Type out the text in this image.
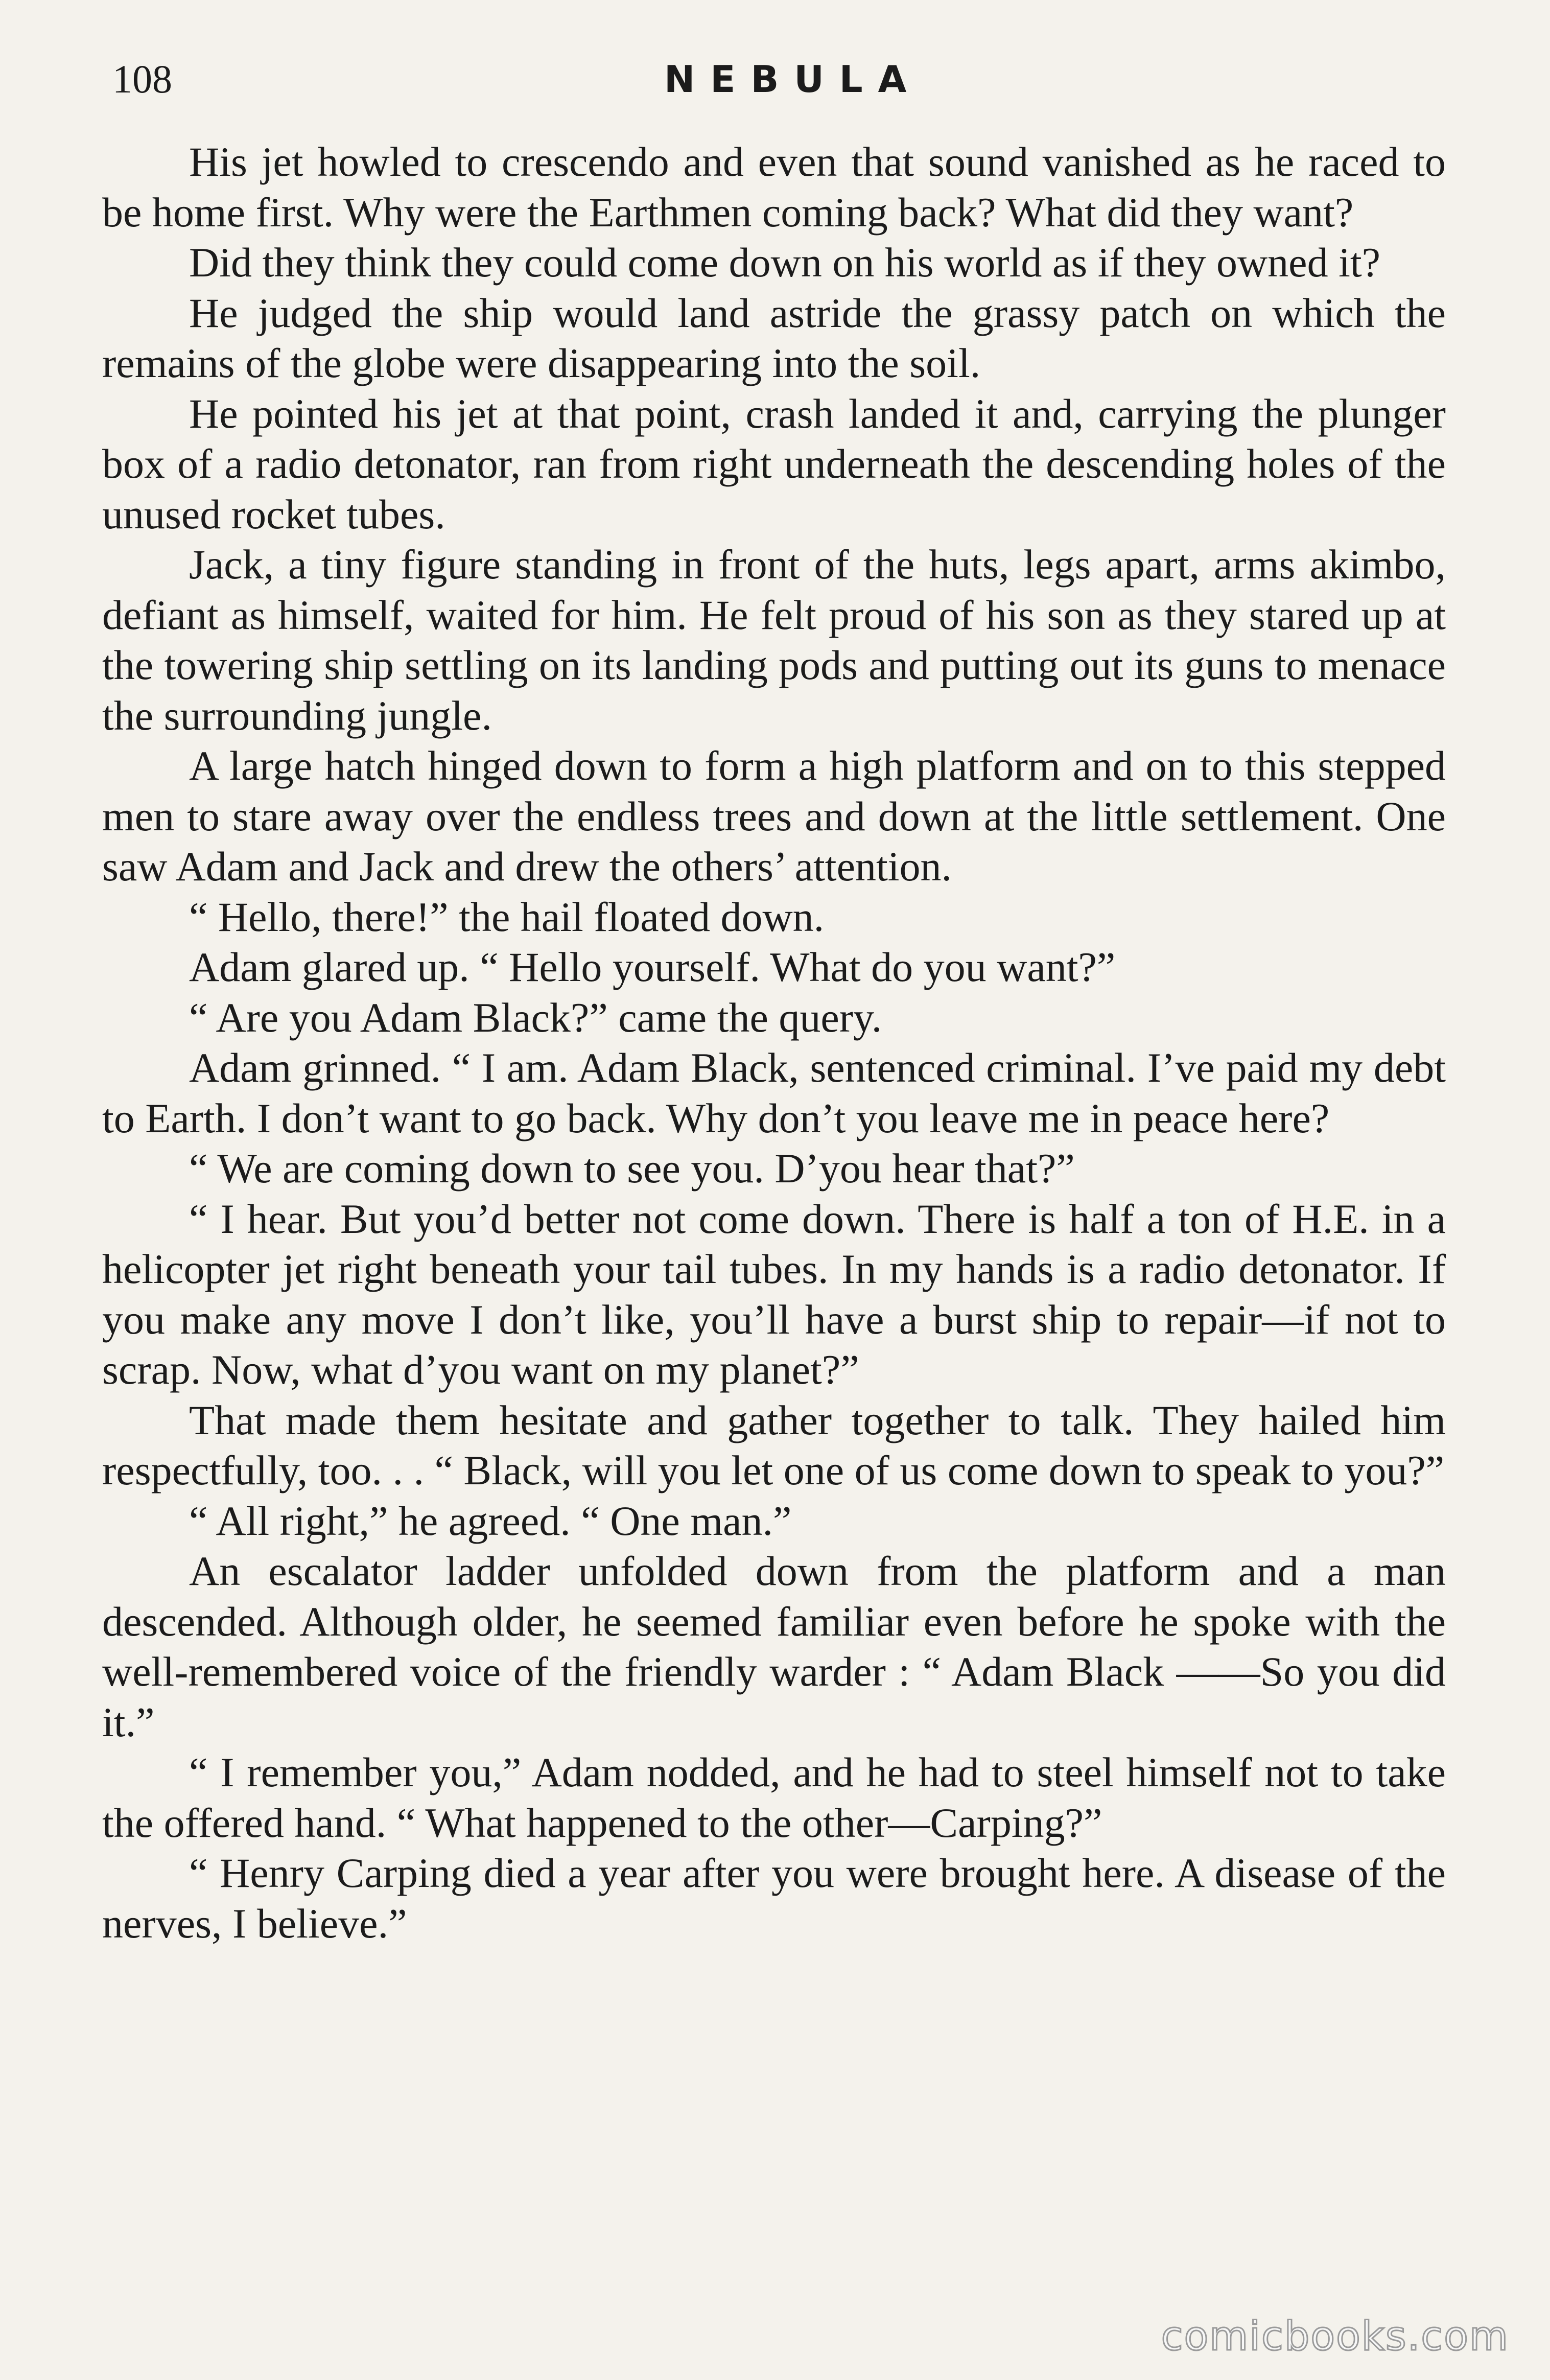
108	NEBULA

His jet howled to crescendo and even that sound vanished as he raced to be home first. Why were the Earthmen coming back? What did they want?

Did they think they could come down on his world as if they owned it?

He judged the ship would land astride the grassy patch on which the remains of the globe were disappearing into the soil.

He pointed his jet at that point, crash landed it and, carrying the plunger box of a radio detonator, ran from right underneath the descending holes of the unused rocket tubes.

Jack, a tiny figure standing in front of the huts, legs apart, arms akimbo, defiant as himself, waited for him. He felt proud of his son as they stared up at the towering ship settling on its landing pods and putting out its guns to menace the surrounding jungle.

A large hatch hinged down to form a high platform and on to this stepped men to stare away over the endless trees and down at the little settlement. One saw Adam and Jack and drew the others’ attention.

“ Hello, there!” the hail floated down.

Adam glared up. “ Hello yourself. What do you want?”

“ Are you Adam Black?” came the query.

Adam grinned. “ I am. Adam Black, sentenced criminal. I’ve paid my debt to Earth. I don’t want to go back. Why don’t you leave me in peace here?

“ We are coming down to see you. D’you hear that?”

“ I hear. But you’d better not come down. There is half a ton of H.E. in a helicopter jet right beneath your tail tubes. In my hands is a radio detonator. If you make any move I don’t like, you’ll have a burst ship to repair—if not to scrap. Now, what d’you want on my planet?”

That made them hesitate and gather together to talk. They hailed him respectfully, too. . . “ Black, will you let one of us come down to speak to you?”

“ All right,” he agreed. “ One man.”

An escalator ladder unfolded down from the platform and a man descended. Although older, he seemed familiar even before he spoke with the well-remembered voice of the friendly warder : “ Adam Black ——So you did it.”

“ I remember you,” Adam nodded, and he had to steel himself not to take the offered hand. “ What happened to the other—Carping?”

“ Henry Carping died a year after you were brought here. A disease of the nerves, I believe.”

comicbooks.com
